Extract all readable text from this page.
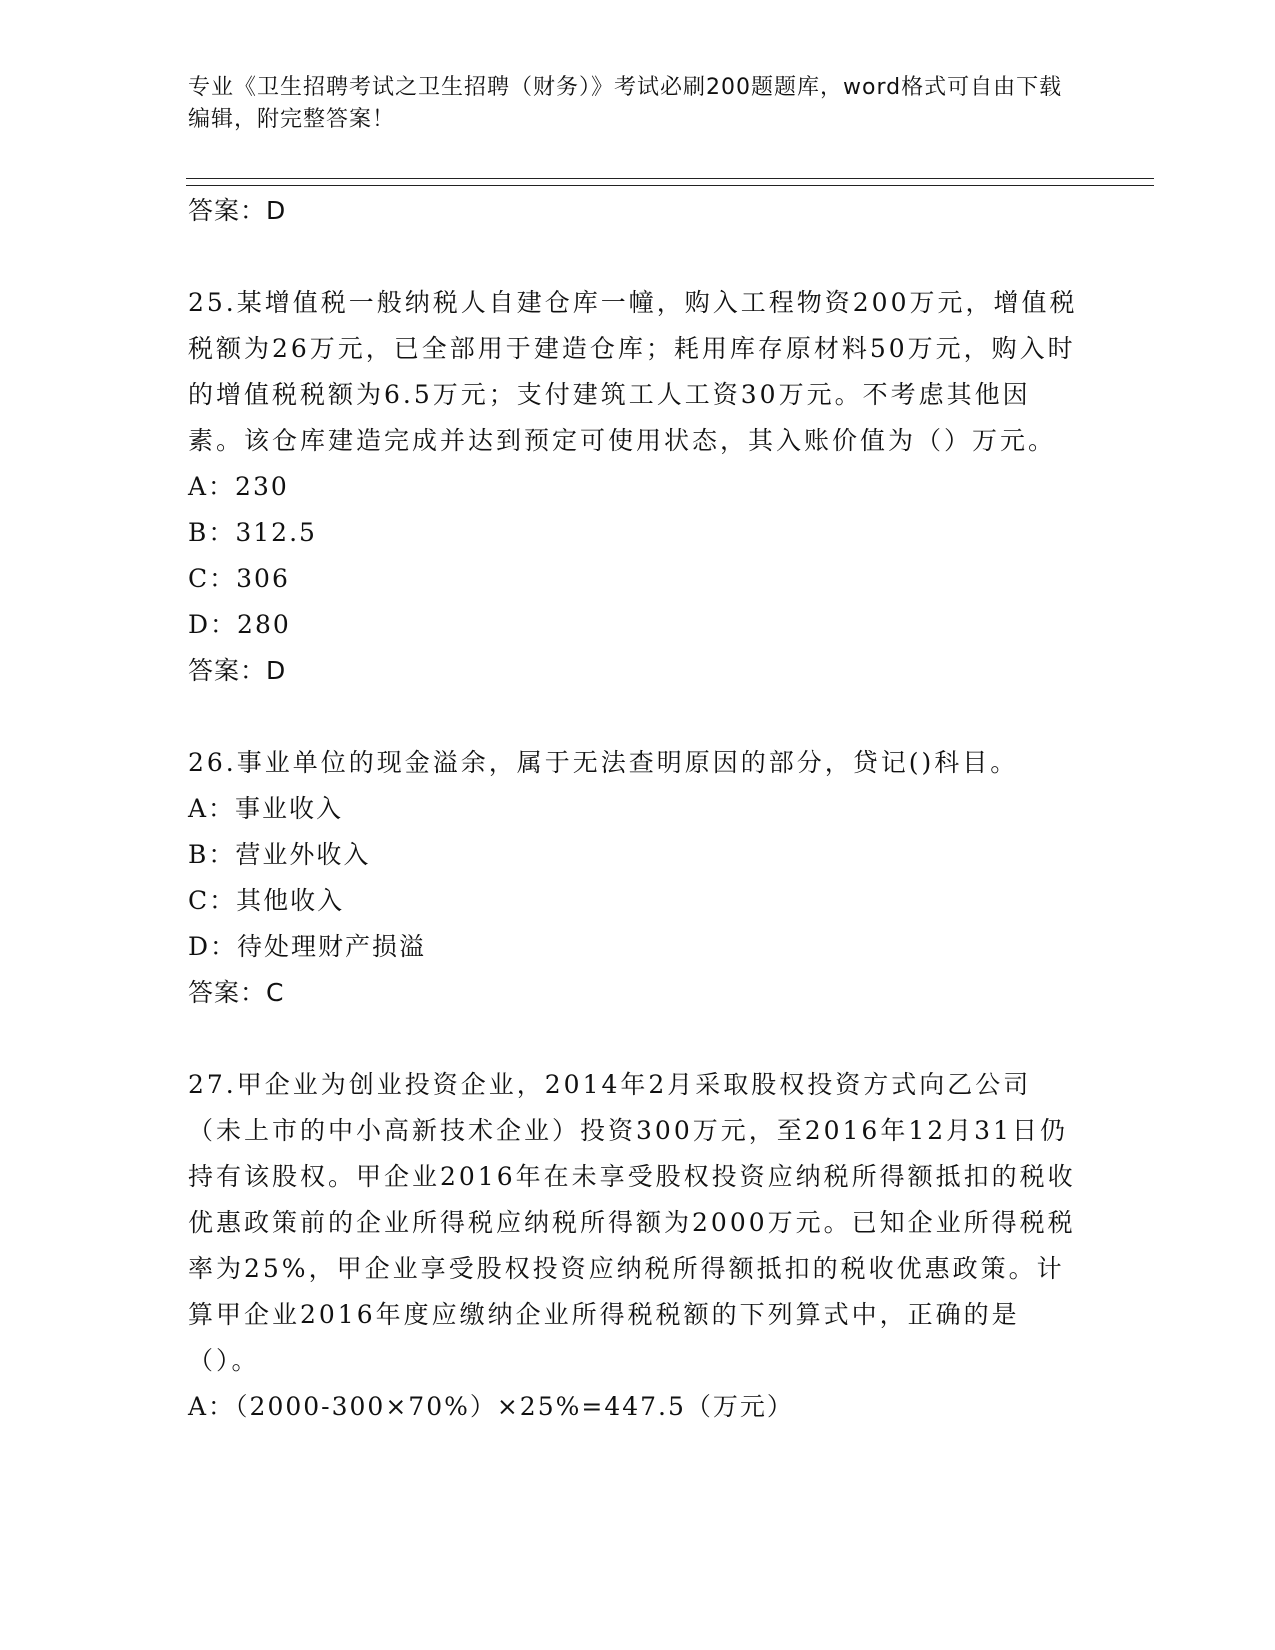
专业《卫生招聘考试之卫生招聘（财务）》考试必刷200题题库，word格式可自由下载编辑，附完整答案！

答案：D

25.某增值税一般纳税人自建仓库一幢，购入工程物资200万元，增值税税额为26万元，已全部用于建造仓库；耗用库存原材料50万元，购入时的增值税税额为6.5万元；支付建筑工人工资30万元。不考虑其他因素。该仓库建造完成并达到预定可使用状态，其入账价值为（）万元。

A：230

B：312.5

C：306

D：280

答案：D

26.事业单位的现金溢余，属于无法查明原因的部分，贷记()科目。

A：事业收入

B：营业外收入

C：其他收入

D：待处理财产损溢

答案：C

27.甲企业为创业投资企业，2014年2月采取股权投资方式向乙公司（未上市的中小高新技术企业）投资300万元，至2016年12月31日仍持有该股权。甲企业2016年在未享受股权投资应纳税所得额抵扣的税收优惠政策前的企业所得税应纳税所得额为2000万元。已知企业所得税税率为25%，甲企业享受股权投资应纳税所得额抵扣的税收优惠政策。计算甲企业2016年度应缴纳企业所得税税额的下列算式中，正确的是（）。

A：（2000-300×70%）×25%=447.5（万元）
